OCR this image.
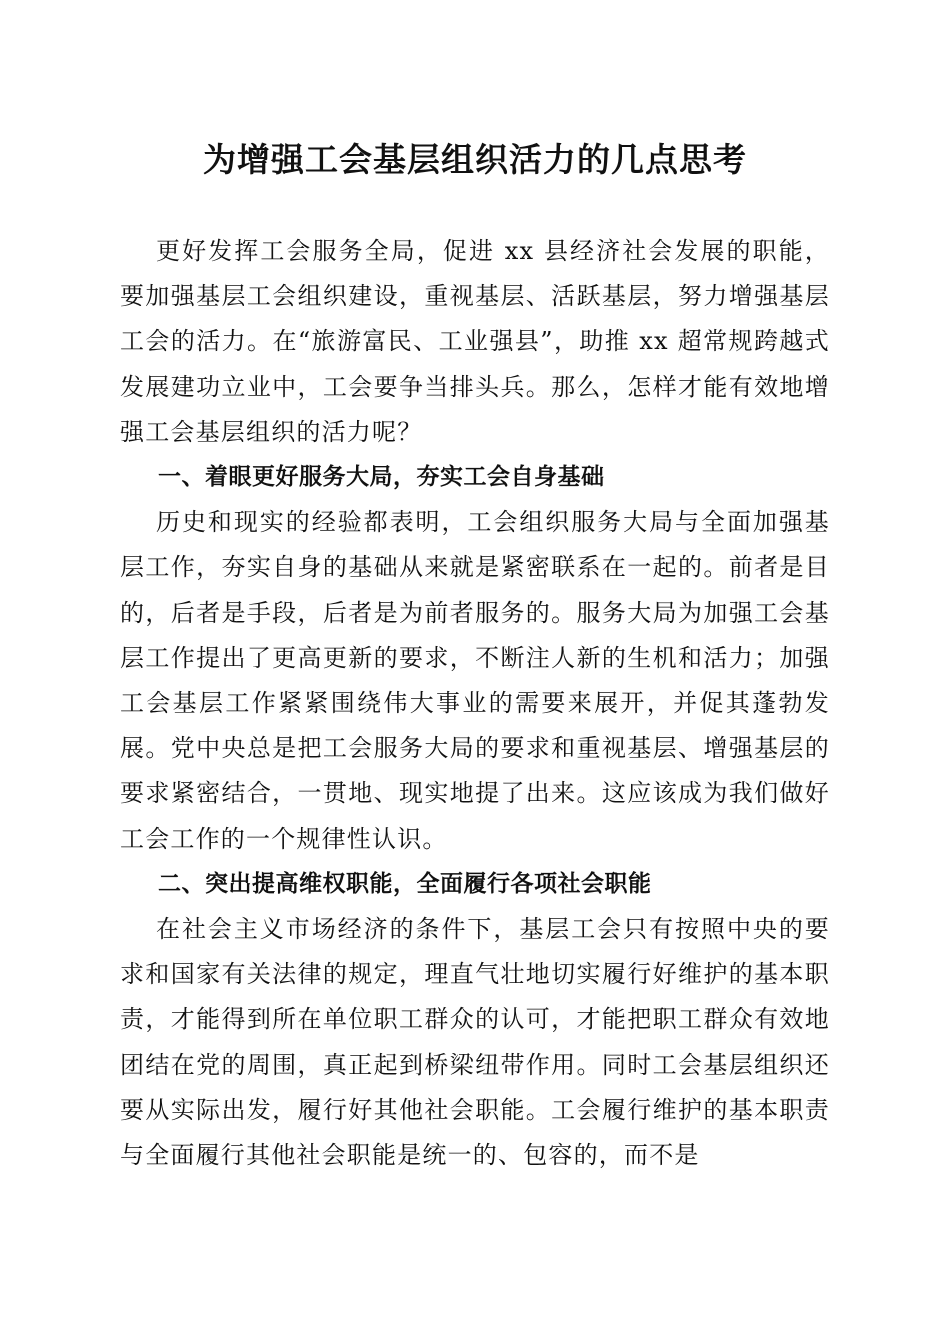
为增强工会基层组织活力的几点思考

更好发挥工会服务全局，促进 xx 县经济社会发展的职能，要加强基层工会组织建设，重视基层、活跃基层，努力增强基层工会的活力。在“旅游富民、工业强县”，助推 xx 超常规跨越式发展建功立业中，工会要争当排头兵。那么，怎样才能有效地增强工会基层组织的活力呢？

一、着眼更好服务大局，夯实工会自身基础

历史和现实的经验都表明，工会组织服务大局与全面加强基层工作，夯实自身的基础从来就是紧密联系在一起的。前者是目的，后者是手段，后者是为前者服务的。服务大局为加强工会基层工作提出了更高更新的要求，不断注人新的生机和活力；加强工会基层工作紧紧围绕伟大事业的需要来展开，并促其蓬勃发展。党中央总是把工会服务大局的要求和重视基层、增强基层的要求紧密结合，一贯地、现实地提了出来。这应该成为我们做好工会工作的一个规律性认识。

二、突出提高维权职能，全面履行各项社会职能

在社会主义市场经济的条件下，基层工会只有按照中央的要求和国家有关法律的规定，理直气壮地切实履行好维护的基本职责，才能得到所在单位职工群众的认可，才能把职工群众有效地团结在党的周围，真正起到桥梁纽带作用。同时工会基层组织还要从实际出发，履行好其他社会职能。工会履行维护的基本职责与全面履行其他社会职能是统一的、包容的，而不是
